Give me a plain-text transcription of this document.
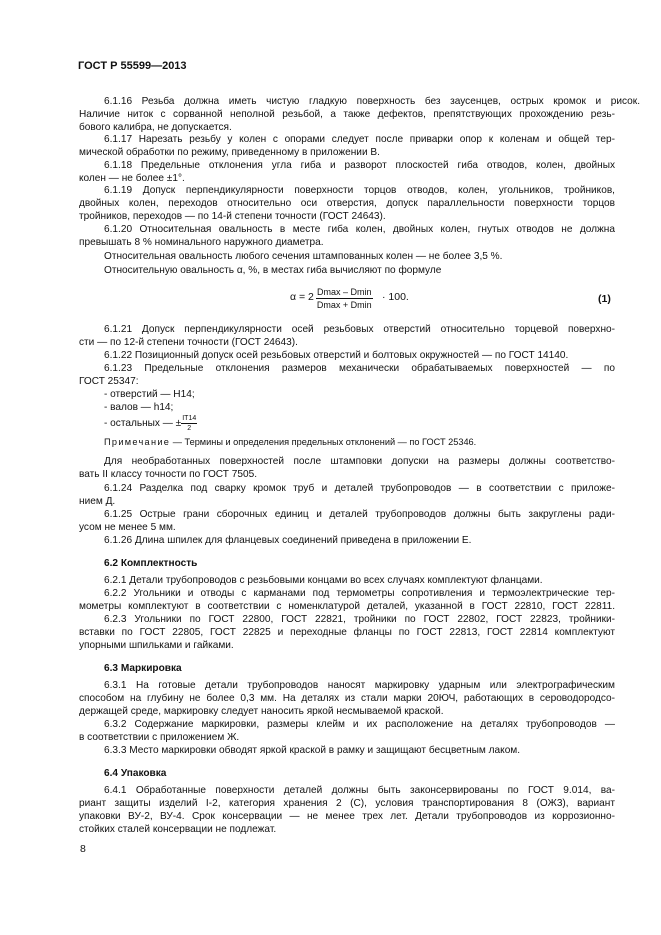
ГОСТ Р 55599—2013
6.1.16 Резьба должна иметь чистую гладкую поверхность без заусенцев, острых кромок и рисок.
Наличие ниток с сорванной неполной резьбой, а также дефектов, препятствующих прохождению резь-
бового калибра, не допускается.
6.1.17 Нарезать резьбу у колен с опорами следует после приварки опор к коленам и общей тер-
мической обработки по режиму, приведенному в приложении В.
6.1.18 Предельные отклонения угла гиба и разворот плоскостей гиба отводов, колен, двойных
колен — не более ±1°.
6.1.19 Допуск перпендикулярности поверхности торцов отводов, колен, угольников, тройников,
двойных колен, переходов относительно оси отверстия, допуск параллельности поверхности торцов
тройников, переходов — по 14-й степени точности (ГОСТ 24643).
6.1.20 Относительная овальность в месте гиба колен, двойных колен, гнутых отводов не должна
превышать 8 % номинального наружного диаметра.
Относительная овальность любого сечения штампованных колен — не более 3,5 %.
Относительную овальность α, %, в местах гиба вычисляют по формуле
α = 2 Dmax – Dmin
Dmax + Dmin
· 100.	(1)
6.1.21 Допуск перпендикулярности осей резьбовых отверстий относительно торцевой поверхно-
сти — по 12-й степени точности (ГОСТ 24643).
6.1.22 Позиционный допуск осей резьбовых отверстий и болтовых окружностей — по ГОСТ 14140.
6.1.23 Предельные отклонения размеров механически обрабатываемых поверхностей — по
ГОСТ 25347:
- отверстий — H14;
- валов — h14;
- остальных — ± $\frac{IT14}{2}$
Примечание — Термины и определения предельных отклонений — по ГОСТ 25346.
Для необработанных поверхностей после штамповки допуски на размеры должны соответство-
вать II классу точности по ГОСТ 7505.
6.1.24 Разделка под сварку кромок труб и деталей трубопроводов — в соответствии с приложе-
нием Д.
6.1.25 Острые грани сборочных единиц и деталей трубопроводов должны быть закруглены ради-
усом не менее 5 мм.
6.1.26 Длина шпилек для фланцевых соединений приведена в приложении Е.
6.2 Комплектность
6.2.1 Детали трубопроводов с резьбовыми концами во всех случаях комплектуют фланцами.
6.2.2 Угольники и отводы с карманами под термометры сопротивления и термоэлектрические тер-
мометры комплектуют в соответствии с номенклатурой деталей, указанной в ГОСТ 22810, ГОСТ 22811.
6.2.3 Угольники по ГОСТ 22800, ГОСТ 22821, тройники по ГОСТ 22802, ГОСТ 22823, тройники-
вставки по ГОСТ 22805, ГОСТ 22825 и переходные фланцы по ГОСТ 22813, ГОСТ 22814 комплектуют
упорными шпильками и гайками.
6.3 Маркировка
6.3.1 На готовые детали трубопроводов наносят маркировку ударным или электрографическим
способом на глубину не более 0,3 мм. На деталях из стали марки 20ЮЧ, работающих в сероводородсо-
держащей среде, маркировку следует наносить яркой несмываемой краской.
6.3.2 Содержание маркировки, размеры клейм и их расположение на деталях трубопроводов —
в соответствии с приложением Ж.
6.3.3 Место маркировки обводят яркой краской в рамку и защищают бесцветным лаком.
6.4 Упаковка
6.4.1 Обработанные поверхности деталей должны быть законсервированы по ГОСТ 9.014, ва-
риант защиты изделий I-2, категория хранения 2 (С), условия транспортирования 8 (ОЖ3), вариант
упаковки ВУ-2, ВУ-4. Срок консервации — не менее трех лет. Детали трубопроводов из коррозионно-
стойких сталей консервации не подлежат.
8
